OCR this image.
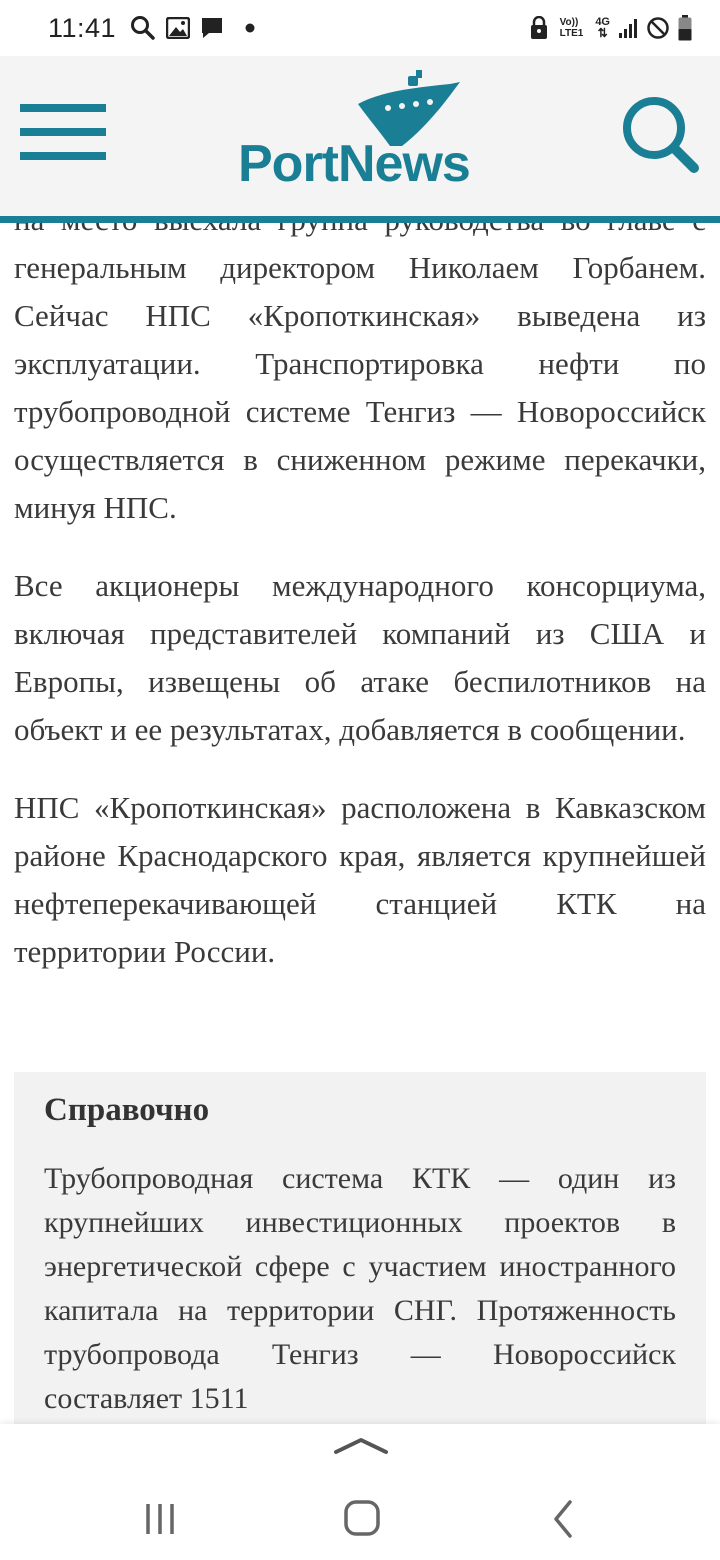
11:41	Vo))
LTE1
4G
⇅
PortNews

генеральным директором Николаем Горбанем. Сейчас НПС «Кропоткинская» выведена из эксплуатации. Транспортировка нефти по трубопроводной системе Тенгиз — Новороссийск осуществляется в сниженном режиме перекачки, минуя НПС.

Все акционеры международного консорциума, включая представителей компаний из США и Европы, извещены об атаке беспилотников на объект и ее результатах, добавляется в сообщении.

НПС «Кропоткинская» расположена в Кавказском районе Краснодарского края, является крупнейшей нефтеперекачивающей станцией КТК на территории России.

Справочно
Трубопроводная система КТК — один из крупнейших инвестиционных проектов в энергетической сфере с участием иностранного капитала на территории СНГ. Протяженность трубопровода Тенгиз — Новороссийск составляет 1511
